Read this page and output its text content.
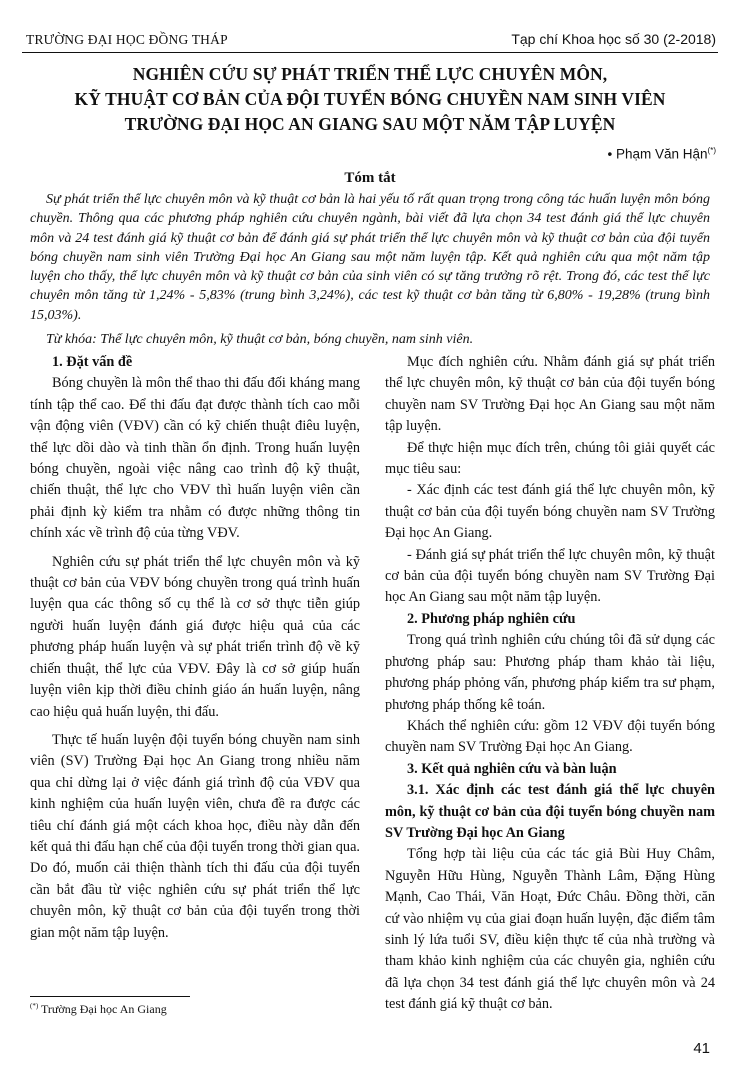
TRƯỜNG ĐẠI HỌC ĐỒNG THÁP	Tạp chí Khoa học số 30 (2-2018)
NGHIÊN CỨU SỰ PHÁT TRIỂN THỂ LỰC CHUYÊN MÔN,
KỸ THUẬT CƠ BẢN CỦA ĐỘI TUYỂN BÓNG CHUYỀN NAM SINH VIÊN
TRƯỜNG ĐẠI HỌC AN GIANG SAU MỘT NĂM TẬP LUYỆN
• Phạm Văn Hận(*)
Tóm tắt
Sự phát triển thể lực chuyên môn và kỹ thuật cơ bản là hai yếu tố rất quan trọng trong công tác huấn luyện môn bóng chuyền. Thông qua các phương pháp nghiên cứu chuyên ngành, bài viết đã lựa chọn 34 test đánh giá thể lực chuyên môn và 24 test đánh giá kỹ thuật cơ bản để đánh giá sự phát triển thể lực chuyên môn và kỹ thuật cơ bản của đội tuyển bóng chuyền nam sinh viên Trường Đại học An Giang sau một năm luyện tập. Kết quả nghiên cứu qua một năm tập luyện cho thấy, thể lực chuyên môn và kỹ thuật cơ bản của sinh viên có sự tăng trưởng rõ rệt. Trong đó, các test thể lực chuyên môn tăng từ 1,24% - 5,83% (trung bình 3,24%), các test kỹ thuật cơ bản tăng từ 6,80% - 19,28% (trung bình 15,03%).
Từ khóa: Thể lực chuyên môn, kỹ thuật cơ bản, bóng chuyền, nam sinh viên.
1. Đặt vấn đề

Bóng chuyền là môn thể thao thi đấu đối kháng mang tính tập thể cao. Để thi đấu đạt được thành tích cao mỗi vận động viên (VĐV) cần có kỹ chiến thuật điêu luyện, thể lực dồi dào và tinh thần ổn định. Trong huấn luyện bóng chuyền, ngoài việc nâng cao trình độ kỹ thuật, chiến thuật, thể lực cho VĐV thì huấn luyện viên cần phải định kỳ kiểm tra nhằm có được những thông tin chính xác về trình độ của từng VĐV.

Nghiên cứu sự phát triển thể lực chuyên môn và kỹ thuật cơ bản của VĐV bóng chuyền trong quá trình huấn luyện qua các thông số cụ thể là cơ sở thực tiễn giúp người huấn luyện đánh giá được hiệu quả của các phương pháp huấn luyện và sự phát triển trình độ về kỹ chiến thuật, thể lực của VĐV. Đây là cơ sở giúp huấn luyện viên kịp thời điều chỉnh giáo án huấn luyện, nâng cao hiệu quả huấn luyện, thi đấu.

Thực tế huấn luyện đội tuyển bóng chuyền nam sinh viên (SV) Trường Đại học An Giang trong nhiều năm qua chỉ dừng lại ở việc đánh giá trình độ của VĐV qua kinh nghiệm của huấn luyện viên, chưa đề ra được các tiêu chí đánh giá một cách khoa học, điều này dẫn đến kết quả thi đấu hạn chế của đội tuyển trong thời gian qua. Do đó, muốn cải thiện thành tích thi đấu của đội tuyển cần bắt đầu từ việc nghiên cứu sự phát triển thể lực chuyên môn, kỹ thuật cơ bản của đội tuyển trong thời gian một năm tập luyện.

Mục đích nghiên cứu. Nhằm đánh giá sự phát triển thể lực chuyên môn, kỹ thuật cơ bản của đội tuyển bóng chuyền nam SV Trường Đại học An Giang sau một năm tập luyện.

Để thực hiện mục đích trên, chúng tôi giải quyết các mục tiêu sau:

- Xác định các test đánh giá thể lực chuyên môn, kỹ thuật cơ bản của đội tuyển bóng chuyền nam SV Trường Đại học An Giang.

- Đánh giá sự phát triển thể lực chuyên môn, kỹ thuật cơ bản của đội tuyển bóng chuyền nam SV Trường Đại học An Giang sau một năm tập luyện.

2. Phương pháp nghiên cứu

Trong quá trình nghiên cứu chúng tôi đã sử dụng các phương pháp sau: Phương pháp tham khảo tài liệu, phương pháp phỏng vấn, phương pháp kiểm tra sư phạm, phương pháp thống kê toán.

Khách thể nghiên cứu: gồm 12 VĐV đội tuyển bóng chuyền nam SV Trường Đại học An Giang.

3. Kết quả nghiên cứu và bàn luận
3.1. Xác định các test đánh giá thể lực chuyên môn, kỹ thuật cơ bản của đội tuyển bóng chuyền nam SV Trường Đại học An Giang

Tổng hợp tài liệu của các tác giả Bùi Huy Châm, Nguyễn Hữu Hùng, Nguyễn Thành Lâm, Đặng Hùng Mạnh, Cao Thái, Văn Hoạt, Đức Châu. Đồng thời, căn cứ vào nhiệm vụ của giai đoạn huấn luyện, đặc điểm tâm sinh lý lứa tuổi SV, điều kiện thực tế của nhà trường và tham khảo kinh nghiệm của các chuyên gia, nghiên cứu đã lựa chọn 34 test đánh giá thể lực chuyên môn và 24 test đánh giá kỹ thuật cơ bản.

(*) Trường Đại học An Giang
41
